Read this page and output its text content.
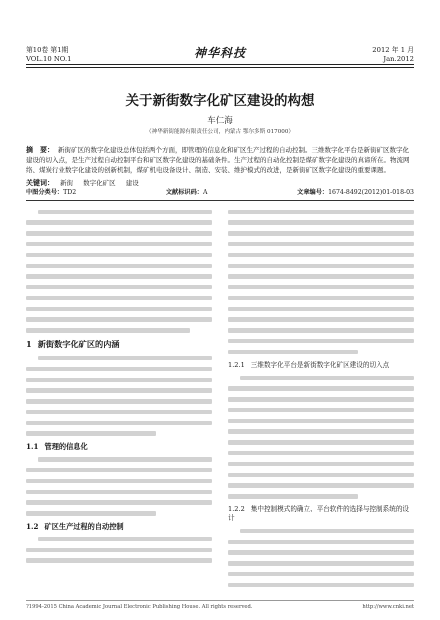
第10卷 第1期
VOL.10 NO.1	神华科技	2012 年 1 月
Jan.2012
关于新街数字化矿区建设的构想
车仁海
（神华新街能源有限责任公司，内蒙古 鄂尔多斯 017000）
摘　要： 新街矿区的数字化建设总体包括两个方面，即管理的信息化和矿区生产过程的自动控制。三维数字化平台是新街矿区数字化建设的切入点，是生产过程自动控制平台和矿区数字化建设的基础条件。生产过程的自动化控制是煤矿数字化建设的真谛所在。物流网络、煤炭行业数字化建设的创新机制，煤矿机电设备设计、制造、安装、维护模式的改进，是新街矿区数字化建设的重要课题。
关键词： 新街 数字化矿区 建设
中图分类号：TD2	文献标识码：A	文章编号：1674-8492(2012)01-018-03
1 新街数字化矿区的内涵
1.1 管理的信息化
1.2 矿区生产过程的自动控制
1.2.1 三维数字化平台是新街数字化矿区建设的切入点
1.2.2 集中控制模式的确立、平台软件的选择与控制系统的设计
?1994-2015 China Academic Journal Electronic Publishing House. All rights reserved.	http://www.cnki.net
